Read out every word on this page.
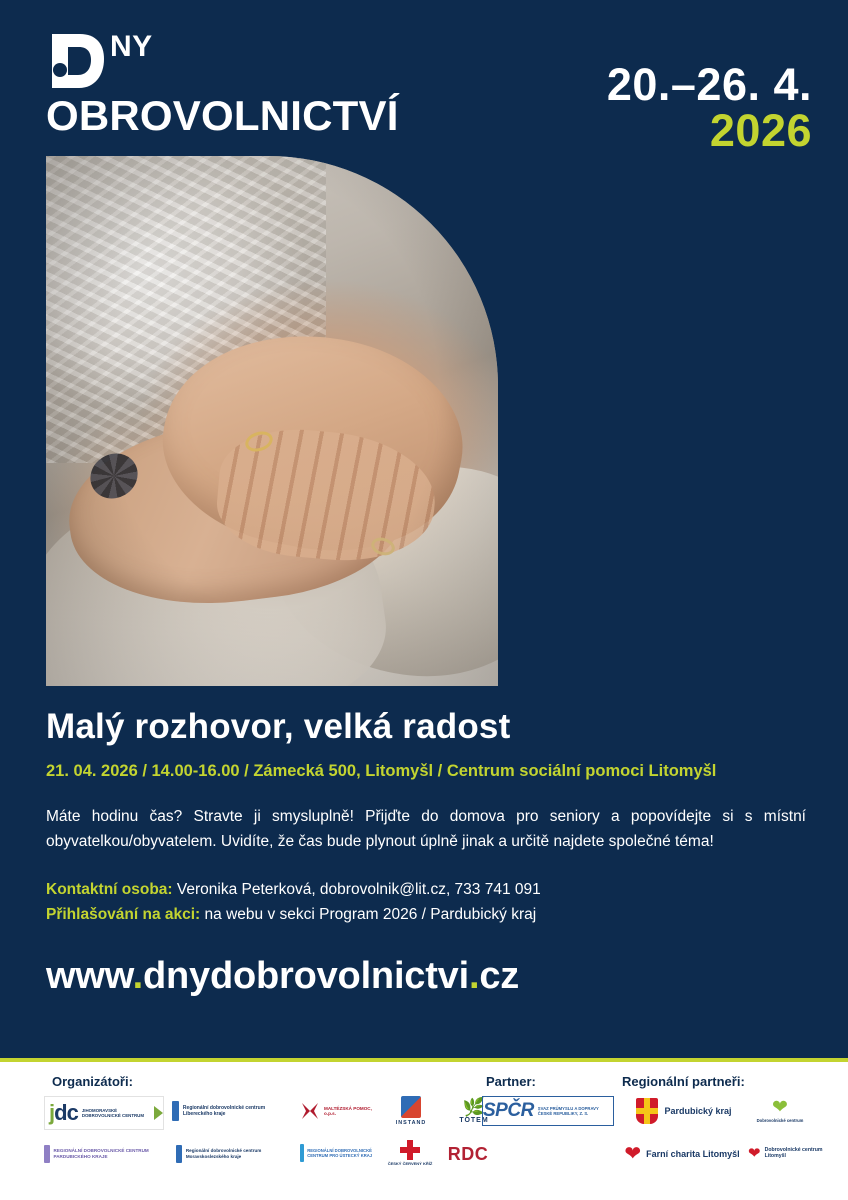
NY
OBROVOLNICTVÍ
20.–26. 4.
2026
Malý rozhovor, velká radost
21. 04. 2026 / 14.00-16.00 / Zámecká 500, Litomyšl / Centrum sociální pomoci Litomyšl
Máte hodinu čas? Stravte ji smysluplně! Přijďte do domova pro seniory a popovídejte si s místní obyvatelkou/obyvatelem. Uvidíte, že čas bude plynout úplně jinak a určitě najdete společné téma!
Kontaktní osoba: Veronika Peterková, dobrovolnik@lit.cz, 733 741 091
Přihlašování na akci: na webu v sekci Program 2026 / Pardubický kraj
www.dnydobrovolnictvi.cz
Organizátoři:	Partner:	Regionální partneři:
jdc JIHOMORAVSKÉ DOBROVOLNICKÉ CENTRUM
Regionální dobrovolnické centrum Libereckého kraje
MALTÉZSKÁ POMOC, o.p.s.
INSTAND
🌿
TOTEM
SPČR SVAZ PRŮMYSLU A DOPRAVY ČESKÉ REPUBLIKY, Z. S.	Pardubický kraj ❤
Dobrovolnické centrum
REGIONÁLNÍ DOBROVOLNICKÉ CENTRUM PARDUBICKÉHO KRAJE
Regionální dobrovolnické centrum Moravskoslezského kraje
REGIONÁLNÍ DOBROVOLNICKÉ CENTRUM PRO ÚSTECKÝ KRAJ
ČESKÝ ČERVENÝ KŘÍŽ RDC	❤ Farní charita Litomyšl ❤ Dobrovolnické centrum Litomyšl
